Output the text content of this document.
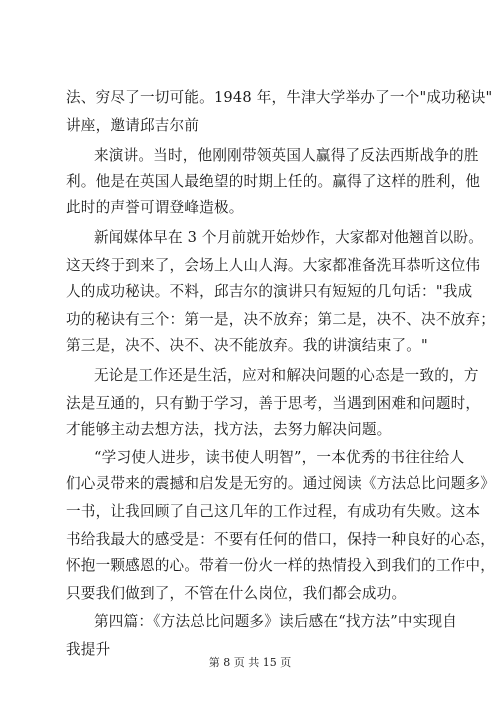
法、穷尽了一切可能。1948 年，牛津大学举办了一个"成功秘诀"
讲座，邀请邱吉尔前
来演讲。当时，他刚刚带领英国人赢得了反法西斯战争的胜
利。他是在英国人最绝望的时期上任的。赢得了这样的胜利，他
此时的声誉可谓登峰造极。
新闻媒体早在 3 个月前就开始炒作，大家都对他翘首以盼。
这天终于到来了，会场上人山人海。大家都准备洗耳恭听这位伟
人的成功秘诀。不料，邱吉尔的演讲只有短短的几句话："我成
功的秘诀有三个：第一是，决不放弃；第二是，决不、决不放弃；
第三是，决不、决不、决不能放弃。我的讲演结束了。"
无论是工作还是生活，应对和解决问题的心态是一致的，方
法是互通的，只有勤于学习，善于思考，当遇到困难和问题时，
才能够主动去想方法，找方法，去努力解决问题。
“学习使人进步，读书使人明智”，一本优秀的书往往给人
们心灵带来的震撼和启发是无穷的。通过阅读《方法总比问题多》
一书，让我回顾了自己这几年的工作过程，有成功有失败。这本
书给我最大的感受是：不要有任何的借口，保持一种良好的心态，
怀抱一颗感恩的心。带着一份火一样的热情投入到我们的工作中，
只要我们做到了，不管在什么岗位，我们都会成功。
第四篇：《方法总比问题多》读后感在“找方法”中实现自
我提升
第 8 页 共 15 页
